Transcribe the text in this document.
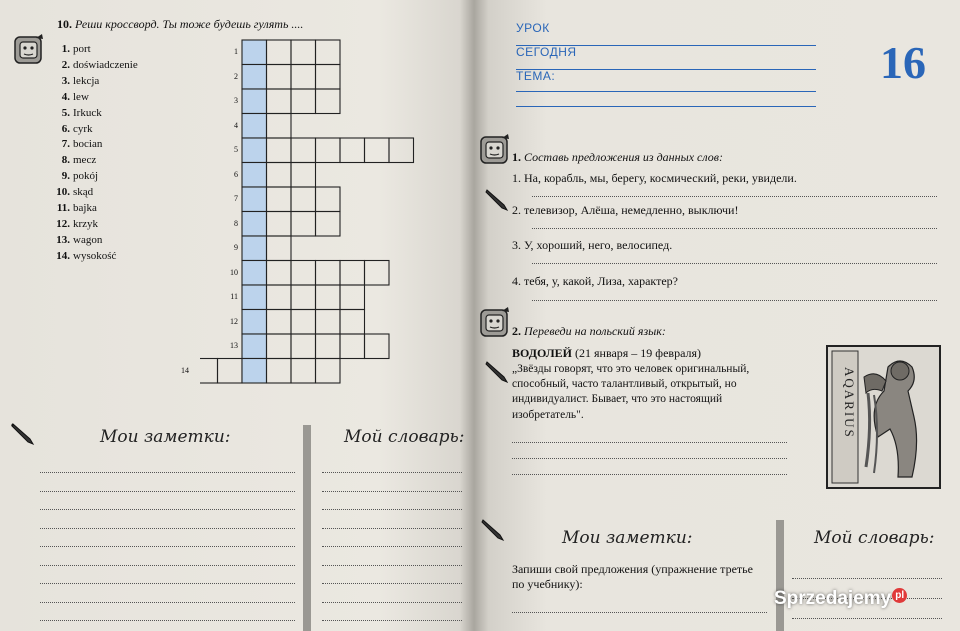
10. Реши кроссворд. Ты тоже будешь гулять ....
1. port
2. doświadczenie
3. lekcja
4. lew
5. Irkuck
6. cyrk
7. bocian
8. mecz
9. pokój
10. skąd
11. bajka
12. krzyk
13. wagon
14. wysokość
1
2
3
4
5
6
7
8
9
10
11
12
13
14
Мои заметки:	Мой словарь:
УРОК
СЕГОДНЯ
ТЕМА:	16
1. Составь предложения из данных слов:
1. На, корабль, мы, берегу, космический, реки, увидели.
2. телевизор, Алёша, немедленно, выключи!
3. У, хороший, него, велосипед.
4. тебя, у, какой, Лиза, характер?
2. Переведи на польский язык:
ВОДОЛЕЙ (21 января – 19 февраля)
„Звёзды говорят, что это человек оригинальный, способный, часто талантливый, открытый, но индивидуалист. Бывает, что это настоящий изобретатель".	AQARIUS
Мои заметки:	Мой словарь:
Запиши свой предложения (упражнение третье по учебнику):
Sprzedajemy pl
